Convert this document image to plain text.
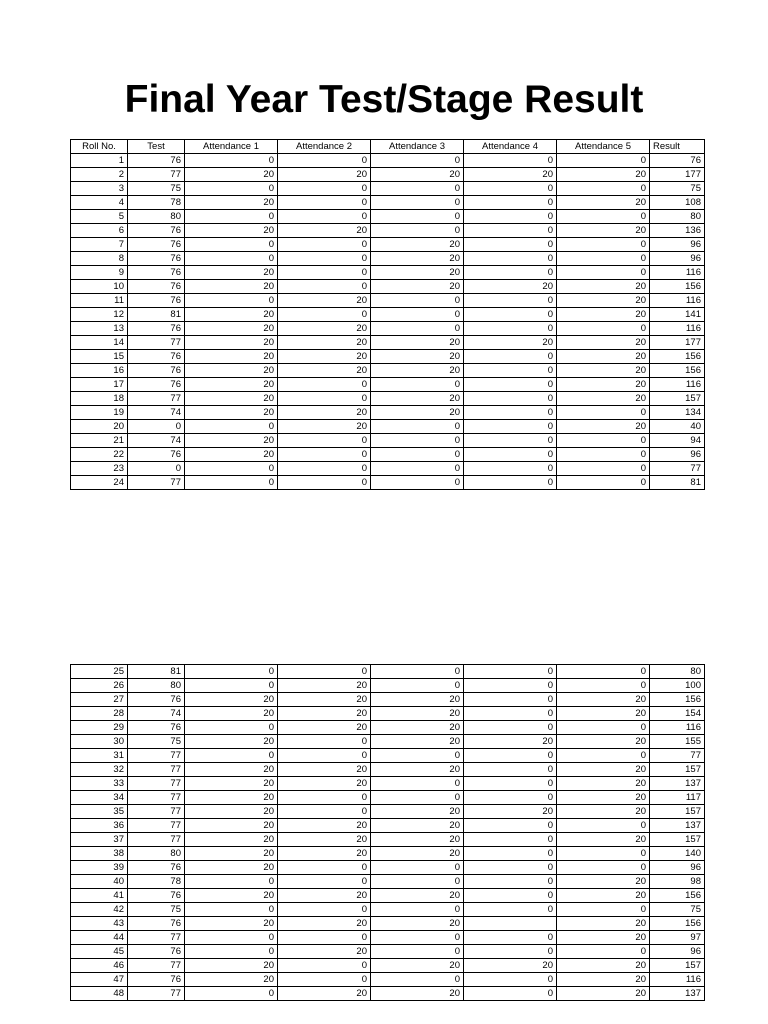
Final Year Test/Stage Result
Roll No.	Test	Attendance 1	Attendance 2	Attendance 3	Attendance 4	Attendance 5	Result
1	76	0	0	0	0	0	76
2	77	20	20	20	20	20	177
3	75	0	0	0	0	0	75
4	78	20	0	0	0	20	108
5	80	0	0	0	0	0	80
6	76	20	20	0	0	20	136
7	76	0	0	20	0	0	96
8	76	0	0	20	0	0	96
9	76	20	0	20	0	0	116
10	76	20	0	20	20	20	156
11	76	0	20	0	0	20	116
12	81	20	0	0	0	20	141
13	76	20	20	0	0	0	116
14	77	20	20	20	20	20	177
15	76	20	20	20	0	20	156
16	76	20	20	20	0	20	156
17	76	20	0	0	0	20	116
18	77	20	0	20	0	20	157
19	74	20	20	20	0	0	134
20	0	0	20	0	0	20	40
21	74	20	0	0	0	0	94
22	76	20	0	0	0	0	96
23	0	0	0	0	0	0	77
24	77	0	0	0	0	0	81
25	81	0	0	0	0	0	80
26	80	0	20	0	0	0	100
27	76	20	20	20	0	20	156
28	74	20	20	20	0	20	154
29	76	0	20	20	0	0	116
30	75	20	0	20	20	20	155
31	77	0	0	0	0	0	77
32	77	20	20	20	0	20	157
33	77	20	20	0	0	20	137
34	77	20	0	0	0	20	117
35	77	20	0	20	20	20	157
36	77	20	20	20	0	0	137
37	77	20	20	20	0	20	157
38	80	20	20	20	0	0	140
39	76	20	0	0	0	0	96
40	78	0	0	0	0	20	98
41	76	20	20	20	0	20	156
42	75	0	0	0	0	0	75
43	76	20	20	20		20	156
44	77	0	0	0	0	20	97
45	76	0	20	0	0	0	96
46	77	20	0	20	20	20	157
47	76	20	0	0	0	20	116
48	77	0	20	20	0	20	137
